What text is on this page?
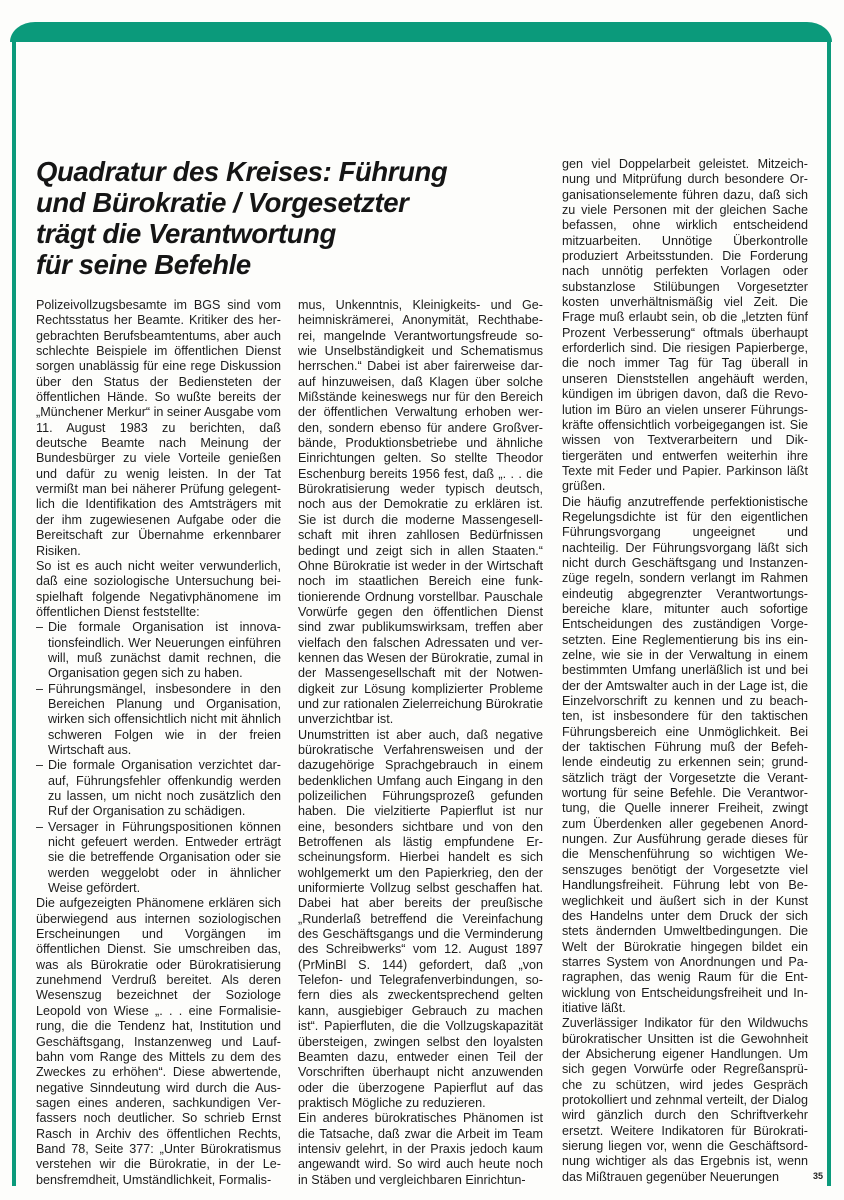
Quadratur des Kreises: Führung
und Bürokratie / Vorgesetzter
trägt die Verantwortung
für seine Befehle

Polizeivollzugsbesamte im BGS sind vom Rechtsstatus her Beamte. Kritiker des hergebrachten Berufsbeamtentums, aber auch schlechte Beispiele im öffentlichen Dienst sorgen unablässig für eine rege Diskussion über den Status der Bediensteten der öffentlichen Hände. So wußte bereits der „Münchener Merkur“ in seiner Ausgabe vom 11. August 1983 zu berichten, daß deutsche Beamte nach Meinung der Bundesbürger zu viele Vorteile genießen und dafür zu wenig leisten. In der Tat vermißt man bei näherer Prüfung gelegentlich die Identifikation des Amtsträgers mit der ihm zugewiesenen Aufgabe oder die Bereitschaft zur Übernahme erkennbarer Risiken.

So ist es auch nicht weiter verwunderlich, daß eine soziologische Untersuchung beispielhaft folgende Negativphänomene im öffentlichen Dienst feststellte:

– Die formale Organisation ist innovationsfeindlich. Wer Neuerungen einführen will, muß zunächst damit rechnen, die Organisation gegen sich zu haben.
– Führungsmängel, insbesondere in den Bereichen Planung und Organisation, wirken sich offensichtlich nicht mit ähnlich schweren Folgen wie in der freien Wirtschaft aus.
– Die formale Organisation verzichtet darauf, Führungsfehler offenkundig werden zu lassen, um nicht noch zusätzlich den Ruf der Organisation zu schädigen.
– Versager in Führungspositionen können nicht gefeuert werden. Entweder erträgt sie die betreffende Organisation oder sie werden weggelobt oder in ähnlicher Weise gefördert.

Die aufgezeigten Phänomene erklären sich überwiegend aus internen soziologischen Erscheinungen und Vorgängen im öffentlichen Dienst. Sie umschreiben das, was als Bürokratie oder Bürokratisierung zunehmend Verdruß bereitet. Als deren Wesenszug bezeichnet der Soziologe Leopold von Wiese „. . . eine Formalisierung, die die Tendenz hat, Institution und Geschäftsgang, Instanzenweg und Laufbahn vom Range des Mittels zu dem des Zweckes zu erhöhen“. Diese abwertende, negative Sinndeutung wird durch die Aussagen eines anderen, sachkundigen Verfassers noch deutlicher. So schrieb Ernst Rasch in Archiv des öffentlichen Rechts, Band 78, Seite 377: „Unter Bürokratismus verstehen wir die Bürokratie, in der Lebensfremdheit, Umständlichkeit, Formalis-

mus, Unkenntnis, Kleinigkeits- und Geheimniskrämerei, Anonymität, Rechthaberei, mangelnde Verantwortungsfreude sowie Unselbständigkeit und Schematismus herrschen.“ Dabei ist aber fairerweise darauf hinzuweisen, daß Klagen über solche Mißstände keineswegs nur für den Bereich der öffentlichen Verwaltung erhoben werden, sondern ebenso für andere Großverbände, Produktionsbetriebe und ähnliche Einrichtungen gelten. So stellte Theodor Eschenburg bereits 1956 fest, daß „. . . die Bürokratisierung weder typisch deutsch, noch aus der Demokratie zu erklären ist. Sie ist durch die moderne Massengesellschaft mit ihren zahllosen Bedürfnissen bedingt und zeigt sich in allen Staaten.“ Ohne Bürokratie ist weder in der Wirtschaft noch im staatlichen Bereich eine funktionierende Ordnung vorstellbar. Pauschale Vorwürfe gegen den öffentlichen Dienst sind zwar publikumswirksam, treffen aber vielfach den falschen Adressaten und verkennen das Wesen der Bürokratie, zumal in der Massengesellschaft mit der Notwendigkeit zur Lösung komplizierter Probleme und zur rationalen Zielerreichung Bürokratie unverzichtbar ist.

Unumstritten ist aber auch, daß negative bürokratische Verfahrensweisen und der dazugehörige Sprachgebrauch in einem bedenklichen Umfang auch Eingang in den polizeilichen Führungsprozeß gefunden haben. Die vielzitierte Papierflut ist nur eine, besonders sichtbare und von den Betroffenen als lästig empfundene Erscheinungsform. Hierbei handelt es sich wohlgemerkt um den Papierkrieg, den der uniformierte Vollzug selbst geschaffen hat. Dabei hat aber bereits der preußische „Runderlaß betreffend die Vereinfachung des Geschäftsgangs und die Verminderung des Schreibwerks“ vom 12. August 1897 (PrMinBl S. 144) gefordert, daß „von Telefon- und Telegrafenverbindungen, sofern dies als zweckentsprechend gelten kann, ausgiebiger Gebrauch zu machen ist“. Papierfluten, die die Vollzugskapazität übersteigen, zwingen selbst den loyalsten Beamten dazu, entweder einen Teil der Vorschriften überhaupt nicht anzuwenden oder die überzogene Papierflut auf das praktisch Mögliche zu reduzieren.

Ein anderes bürokratisches Phänomen ist die Tatsache, daß zwar die Arbeit im Team intensiv gelehrt, in der Praxis jedoch kaum angewandt wird. So wird auch heute noch in Stäben und vergleichbaren Einrichtun-

gen viel Doppelarbeit geleistet. Mitzeichnung und Mitprüfung durch besondere Organisationselemente führen dazu, daß sich zu viele Personen mit der gleichen Sache befassen, ohne wirklich entscheidend mitzuarbeiten. Unnötige Überkontrolle produziert Arbeitsstunden. Die Forderung nach unnötig perfekten Vorlagen oder substanzlose Stilübungen Vorgesetzter kosten unverhältnismäßig viel Zeit. Die Frage muß erlaubt sein, ob die „letzten fünf Prozent Verbesserung“ oftmals überhaupt erforderlich sind. Die riesigen Papierberge, die noch immer Tag für Tag überall in unseren Dienststellen angehäuft werden, kündigen im übrigen davon, daß die Revolution im Büro an vielen unserer Führungskräfte offensichtlich vorbeigegangen ist. Sie wissen von Textverarbeitern und Diktiergeräten und entwerfen weiterhin ihre Texte mit Feder und Papier. Parkinson läßt grüßen.

Die häufig anzutreffende perfektionistische Regelungsdichte ist für den eigentlichen Führungsvorgang ungeeignet und nachteilig. Der Führungsvorgang läßt sich nicht durch Geschäftsgang und Instanzenzüge regeln, sondern verlangt im Rahmen eindeutig abgegrenzter Verantwortungsbereiche klare, mitunter auch sofortige Entscheidungen des zuständigen Vorgesetzten. Eine Reglementierung bis ins einzelne, wie sie in der Verwaltung in einem bestimmten Umfang unerläßlich ist und bei der der Amtswalter auch in der Lage ist, die Einzelvorschrift zu kennen und zu beachten, ist insbesondere für den taktischen Führungsbereich eine Unmöglichkeit. Bei der taktischen Führung muß der Befehlende eindeutig zu erkennen sein; grundsätzlich trägt der Vorgesetzte die Verantwortung für seine Befehle. Die Verantwortung, die Quelle innerer Freiheit, zwingt zum Überdenken aller gegebenen Anordnungen. Zur Ausführung gerade dieses für die Menschenführung so wichtigen Wesenszuges benötigt der Vorgesetzte viel Handlungsfreiheit. Führung lebt von Beweglichkeit und äußert sich in der Kunst des Handelns unter dem Druck der sich stets ändernden Umweltbedingungen. Die Welt der Bürokratie hingegen bildet ein starres System von Anordnungen und Paragraphen, das wenig Raum für die Entwicklung von Entscheidungsfreiheit und Initiative läßt.

Zuverlässiger Indikator für den Wildwuchs bürokratischer Unsitten ist die Gewohnheit der Absicherung eigener Handlungen. Um sich gegen Vorwürfe oder Regreßansprüche zu schützen, wird jedes Gespräch protokolliert und zehnmal verteilt, der Dialog wird gänzlich durch den Schriftverkehr ersetzt. Weitere Indikatoren für Bürokratisierung liegen vor, wenn die Geschäftsordnung wichtiger als das Ergebnis ist, wenn das Mißtrauen gegenüber Neuerungen	35
